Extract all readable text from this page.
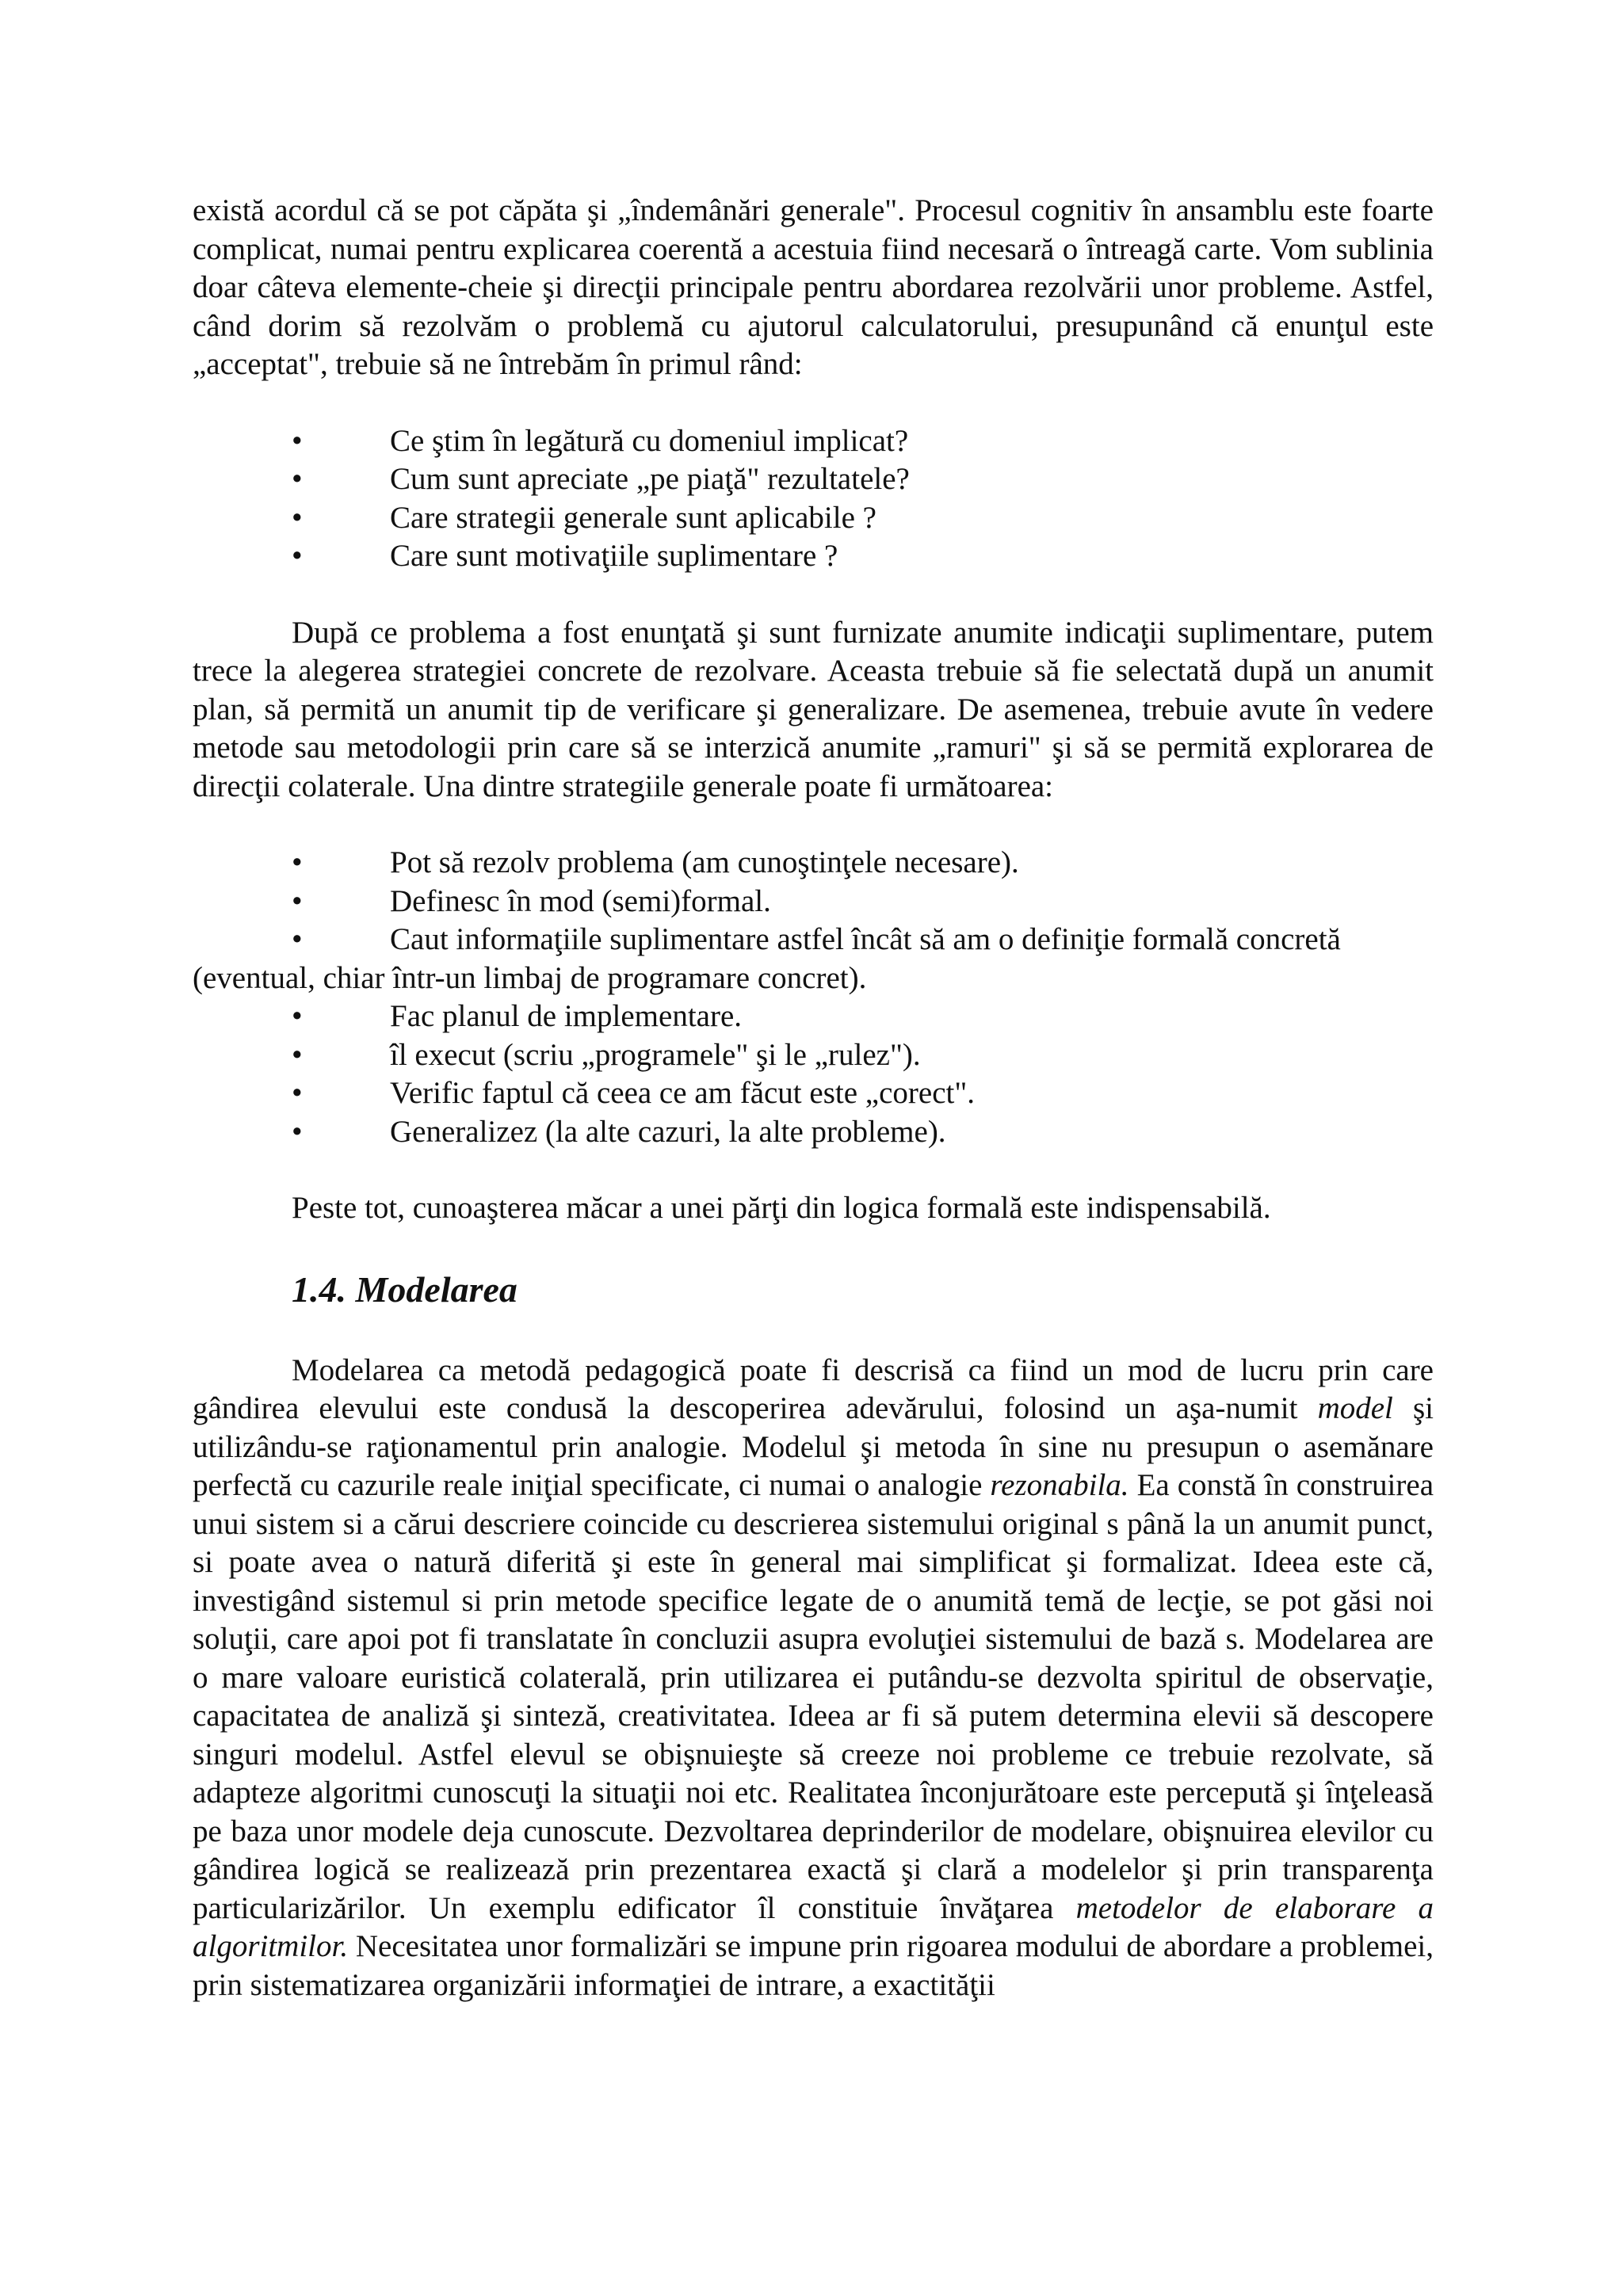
există acordul că se pot căpăta şi „îndemânări generale". Procesul cognitiv în ansamblu este foarte complicat, numai pentru explicarea coerentă a acestuia fiind necesară o întreagă carte. Vom sublinia doar câteva elemente-cheie şi direcţii principale pentru abordarea rezolvării unor probleme. Astfel, când dorim să rezolvăm o problemă cu ajutorul calculatorului, presupunând că enunţul este „acceptat", trebuie să ne întrebăm în primul rând:

•	Ce ştim în legătură cu domeniul implicat?
•	Cum sunt apreciate „pe piaţă" rezultatele?
•	Care strategii generale sunt aplicabile ?
•	Care sunt motivaţiile suplimentare ?

După ce problema a fost enunţată şi sunt furnizate anumite indicaţii suplimentare, putem trece la alegerea strategiei concrete de rezolvare. Aceasta trebuie să fie selectată după un anumit plan, să permită un anumit tip de verificare şi generalizare. De asemenea, trebuie avute în vedere metode sau metodologii prin care să se interzică anumite „ramuri" şi să se permită explorarea de direcţii colaterale. Una dintre strategiile generale poate fi următoarea:

•	Pot să rezolv problema (am cunoştinţele necesare).
•	Definesc în mod (semi)formal.
•	Caut informaţiile suplimentare astfel încât să am o definiţie formală concretă (eventual, chiar într-un limbaj de programare concret).
•	Fac planul de implementare.
•	îl execut (scriu „programele" şi le „rulez").
•	Verific faptul că ceea ce am făcut este „corect".
•	Generalizez (la alte cazuri, la alte probleme).

Peste tot, cunoaşterea măcar a unei părţi din logica formală este indispensabilă.

1.4. Modelarea

Modelarea ca metodă pedagogică poate fi descrisă ca fiind un mod de lucru prin care gândirea elevului este condusă la descoperirea adevărului, folosind un aşa-numit model şi utilizându-se raţionamentul prin analogie. Modelul şi metoda în sine nu presupun o asemănare perfectă cu cazurile reale iniţial specificate, ci numai o analogie rezonabila. Ea constă în construirea unui sistem si a cărui descriere coincide cu descrierea sistemului original s până la un anumit punct, si poate avea o natură diferită şi este în general mai simplificat şi formalizat. Ideea este că, investigând sistemul si prin metode specifice legate de o anumită temă de lecţie, se pot găsi noi soluţii, care apoi pot fi translatate în concluzii asupra evoluţiei sistemului de bază s. Modelarea are o mare valoare euristică colaterală, prin utilizarea ei putându-se dezvolta spiritul de observaţie, capacitatea de analiză şi sinteză, creativitatea. Ideea ar fi să putem determina elevii să descopere singuri modelul. Astfel elevul se obişnuieşte să creeze noi probleme ce trebuie rezolvate, să adapteze algoritmi cunoscuţi la situaţii noi etc. Realitatea înconjurătoare este percepută şi înţeleasă pe baza unor modele deja cunoscute. Dezvoltarea deprinderilor de modelare, obişnuirea elevilor cu gândirea logică se realizează prin prezentarea exactă şi clară a modelelor şi prin transparenţa particularizărilor. Un exemplu edificator îl constituie învăţarea metodelor de elaborare a algoritmilor. Necesitatea unor formalizări se impune prin rigoarea modului de abordare a problemei, prin sistematizarea organizării informaţiei de intrare, a exactităţii
